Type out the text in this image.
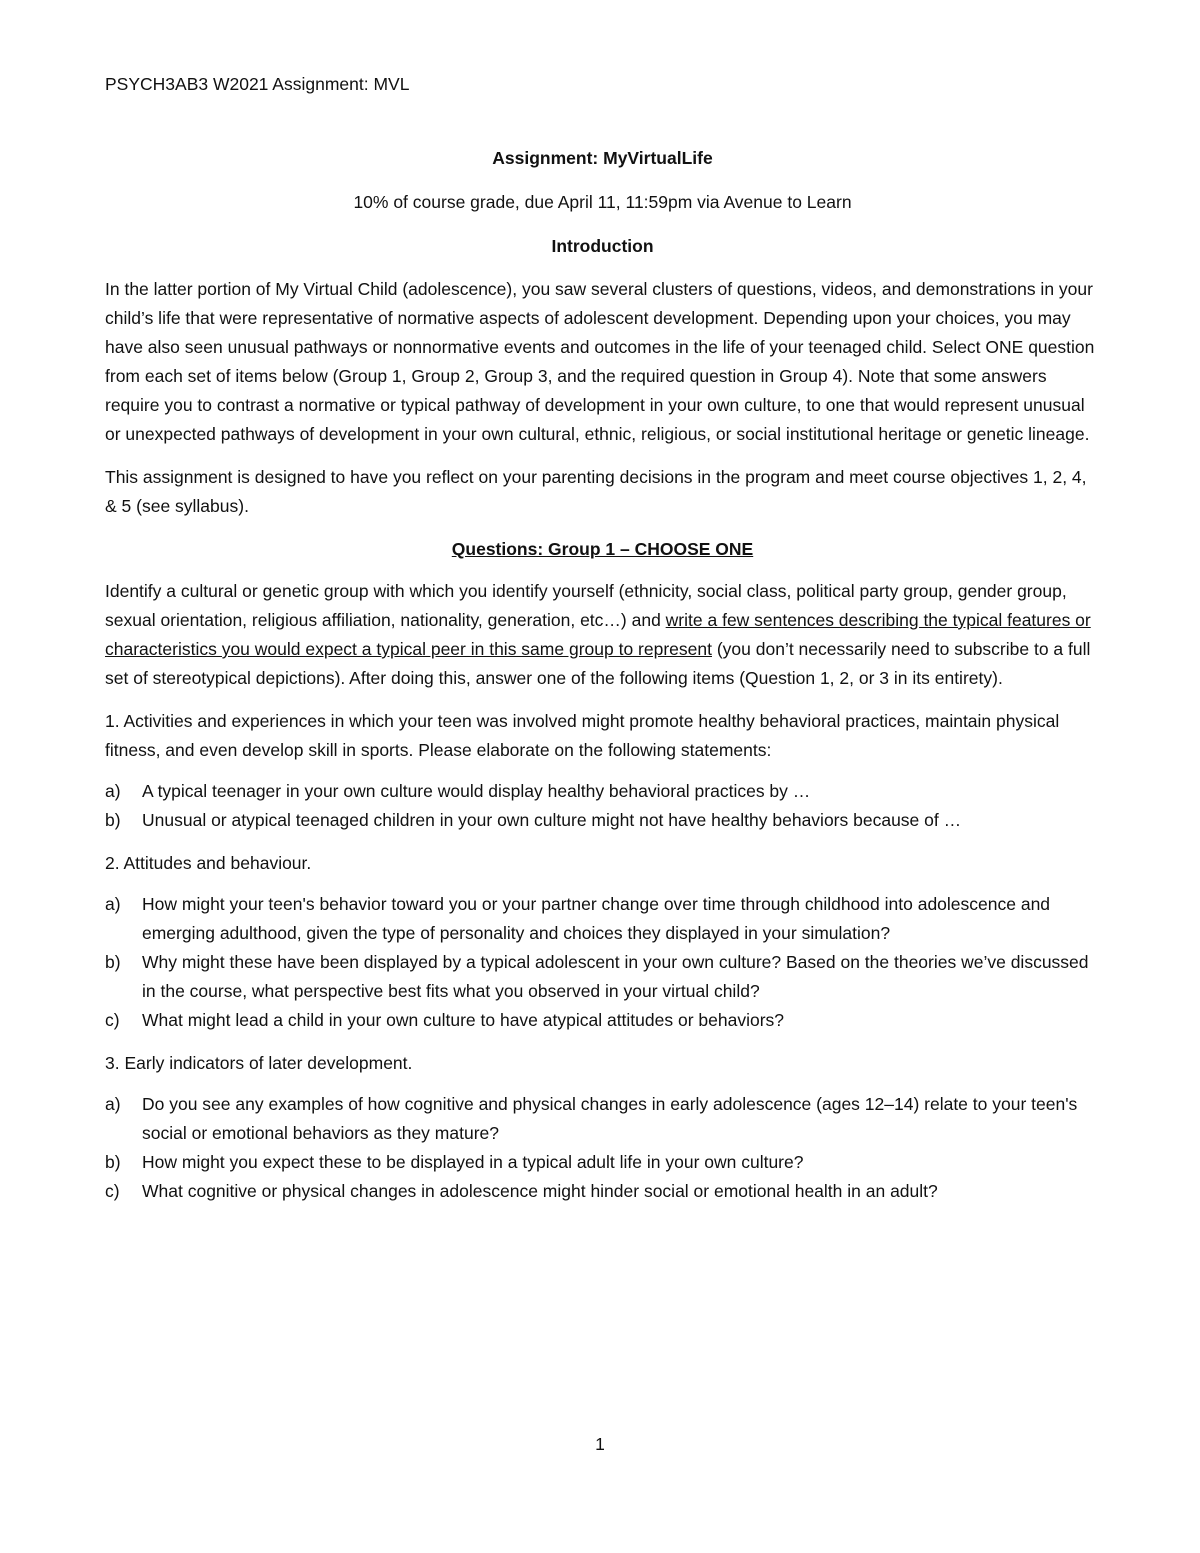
PSYCH3AB3 W2021 Assignment: MVL

Assignment: MyVirtualLife

10% of course grade, due April 11, 11:59pm via Avenue to Learn

Introduction

In the latter portion of My Virtual Child (adolescence), you saw several clusters of questions, videos, and demonstrations in your child’s life that were representative of normative aspects of adolescent development. Depending upon your choices, you may have also seen unusual pathways or nonnormative events and outcomes in the life of your teenaged child. Select ONE question from each set of items below (Group 1, Group 2, Group 3, and the required question in Group 4). Note that some answers require you to contrast a normative or typical pathway of development in your own culture, to one that would represent unusual or unexpected pathways of development in your own cultural, ethnic, religious, or social institutional heritage or genetic lineage.

This assignment is designed to have you reflect on your parenting decisions in the program and meet course objectives 1, 2, 4, & 5 (see syllabus).

Questions: Group 1 – CHOOSE ONE

Identify a cultural or genetic group with which you identify yourself (ethnicity, social class, political party group, gender group, sexual orientation, religious affiliation, nationality, generation, etc…) and write a few sentences describing the typical features or characteristics you would expect a typical peer in this same group to represent (you don’t necessarily need to subscribe to a full set of stereotypical depictions). After doing this, answer one of the following items (Question 1, 2, or 3 in its entirety).

1. Activities and experiences in which your teen was involved might promote healthy behavioral practices, maintain physical fitness, and even develop skill in sports. Please elaborate on the following statements:

a) A typical teenager in your own culture would display healthy behavioral practices by …
b) Unusual or atypical teenaged children in your own culture might not have healthy behaviors because of …

2. Attitudes and behaviour.

a) How might your teen's behavior toward you or your partner change over time through childhood into adolescence and emerging adulthood, given the type of personality and choices they displayed in your simulation?
b) Why might these have been displayed by a typical adolescent in your own culture? Based on the theories we’ve discussed in the course, what perspective best fits what you observed in your virtual child?
c) What might lead a child in your own culture to have atypical attitudes or behaviors?

3. Early indicators of later development.

a) Do you see any examples of how cognitive and physical changes in early adolescence (ages 12–14) relate to your teen's social or emotional behaviors as they mature?
b) How might you expect these to be displayed in a typical adult life in your own culture?
c) What cognitive or physical changes in adolescence might hinder social or emotional health in an adult?
1
